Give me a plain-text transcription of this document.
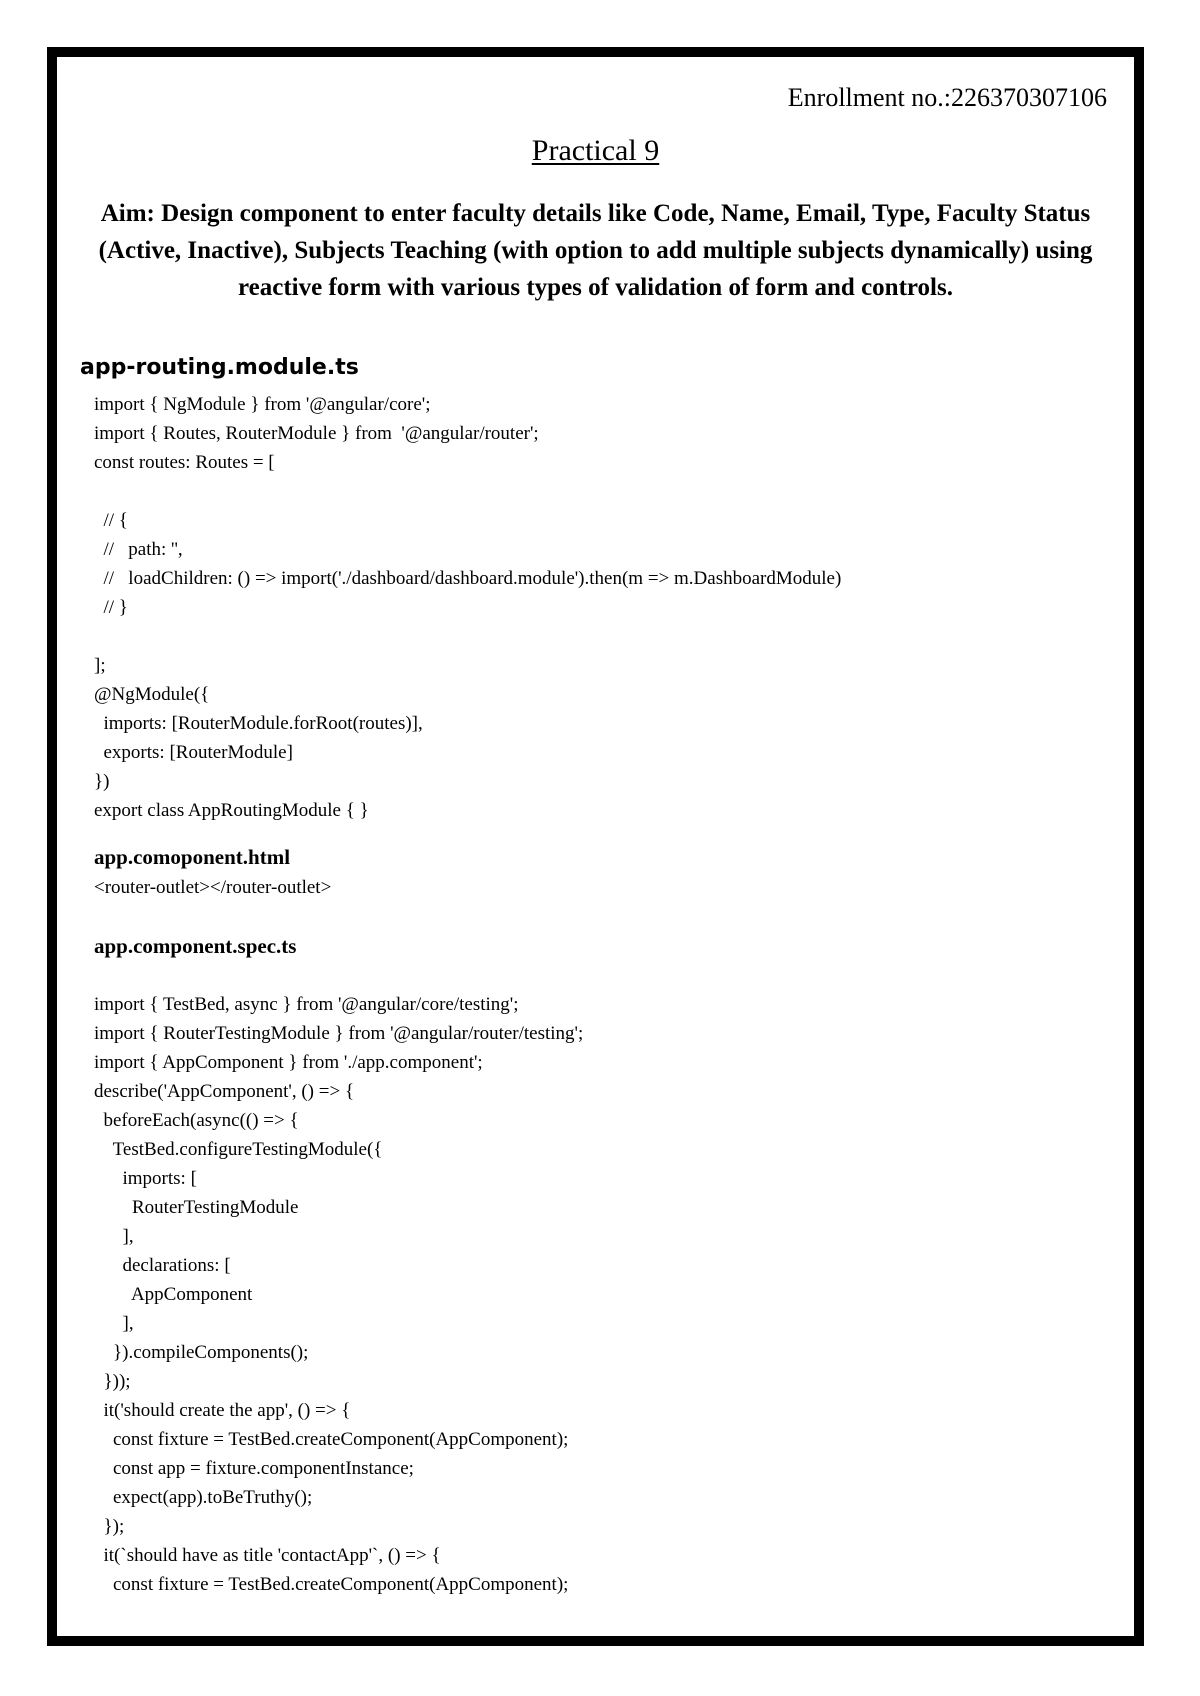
Enrollment no.:226370307106
Practical 9
Aim: Design component to enter faculty details like Code, Name, Email, Type, Faculty Status (Active, Inactive), Subjects Teaching (with option to add multiple subjects dynamically) using reactive form with various types of validation of form and controls.
app-routing.module.ts
import { NgModule } from '@angular/core';
import { Routes, RouterModule } from  '@angular/router';
const routes: Routes = [
// {
//   path: '',
//   loadChildren: () => import('./dashboard/dashboard.module').then(m => m.DashboardModule)
// }
];
@NgModule({
imports: [RouterModule.forRoot(routes)],
exports: [RouterModule]
})
export class AppRoutingModule { }
app.comoponent.html
<router-outlet></router-outlet>
app.component.spec.ts
import { TestBed, async } from '@angular/core/testing';
import { RouterTestingModule } from '@angular/router/testing';
import { AppComponent } from './app.component';
describe('AppComponent', () => {
beforeEach(async(() => {
TestBed.configureTestingModule({
imports: [
RouterTestingModule
],
declarations: [
AppComponent
],
}).compileComponents();
}));
it('should create the app', () => {
const fixture = TestBed.createComponent(AppComponent);
const app = fixture.componentInstance;
expect(app).toBeTruthy();
});
it(`should have as title 'contactApp'`, () => {
const fixture = TestBed.createComponent(AppComponent);
